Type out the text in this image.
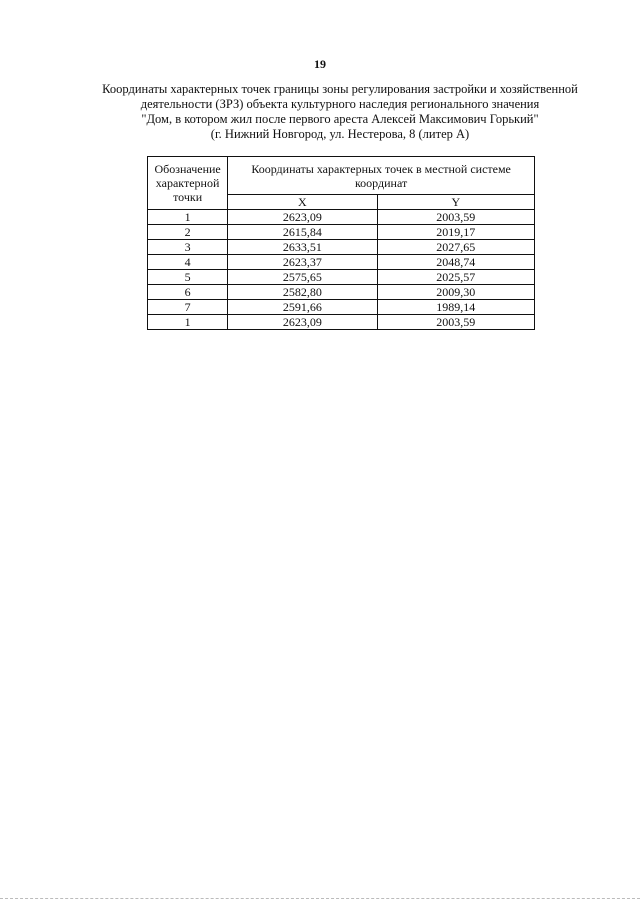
19
Координаты характерных точек границы зоны регулирования застройки и хозяйственной
деятельности (ЗРЗ) объекта культурного наследия регионального значения
"Дом, в котором жил после первого ареста Алексей Максимович Горький"
(г. Нижний Новгород, ул. Нестерова, 8 (литер А)
Обозначение характерной точки	Координаты характерных точек в местной системе координат	
	X	Y
1	2623,09	2003,59
2	2615,84	2019,17
3	2633,51	2027,65
4	2623,37	2048,74
5	2575,65	2025,57
6	2582,80	2009,30
7	2591,66	1989,14
1	2623,09	2003,59
